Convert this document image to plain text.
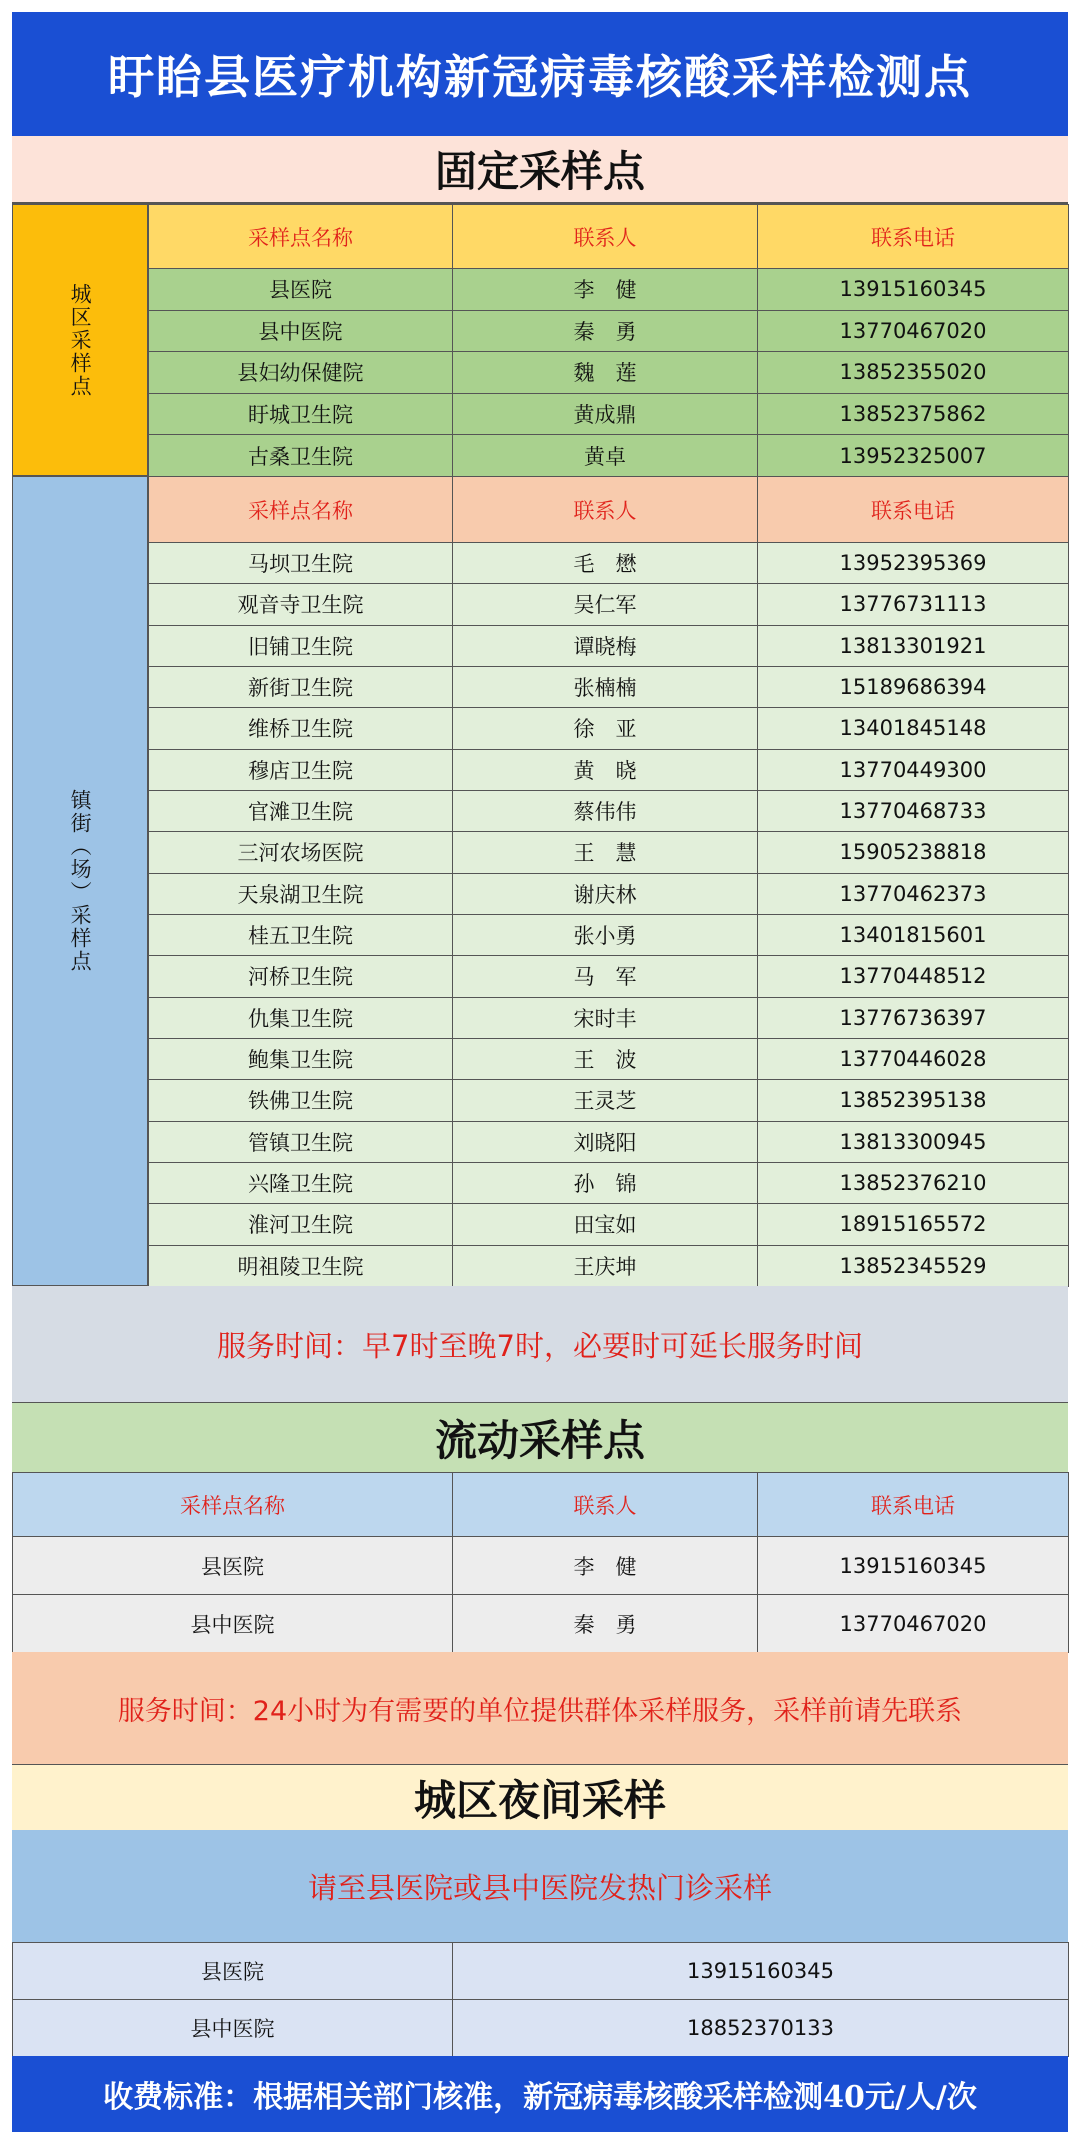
盱眙县医疗机构新冠病毒核酸采样检测点
固定采样点
城区采样点
采样点名称	联系人	联系电话
县医院	李　健	13915160345
县中医院	秦　勇	13770467020
县妇幼保健院	魏　莲	13852355020
盱城卫生院	黄成鼎	13852375862
古桑卫生院	黄卓	13952325007
镇街（场）采样点
采样点名称	联系人	联系电话
马坝卫生院	毛　懋	13952395369
观音寺卫生院	吴仁军	13776731113
旧铺卫生院	谭晓梅	13813301921
新街卫生院	张楠楠	15189686394
维桥卫生院	徐　亚	13401845148
穆店卫生院	黄　晓	13770449300
官滩卫生院	蔡伟伟	13770468733
三河农场医院	王　慧	15905238818
天泉湖卫生院	谢庆林	13770462373
桂五卫生院	张小勇	13401815601
河桥卫生院	马　军	13770448512
仇集卫生院	宋时丰	13776736397
鲍集卫生院	王　波	13770446028
铁佛卫生院	王灵芝	13852395138
管镇卫生院	刘晓阳	13813300945
兴隆卫生院	孙　锦	13852376210
淮河卫生院	田宝如	18915165572
明祖陵卫生院	王庆坤	13852345529
服务时间：早7时至晚7时，必要时可延长服务时间
流动采样点
采样点名称	联系人	联系电话
县医院	李　健	13915160345
县中医院	秦　勇	13770467020
服务时间：24小时为有需要的单位提供群体采样服务，采样前请先联系
城区夜间采样
请至县医院或县中医院发热门诊采样
县医院	13915160345
县中医院	18852370133
收费标准：根据相关部门核准，新冠病毒核酸采样检测40元/人/次
